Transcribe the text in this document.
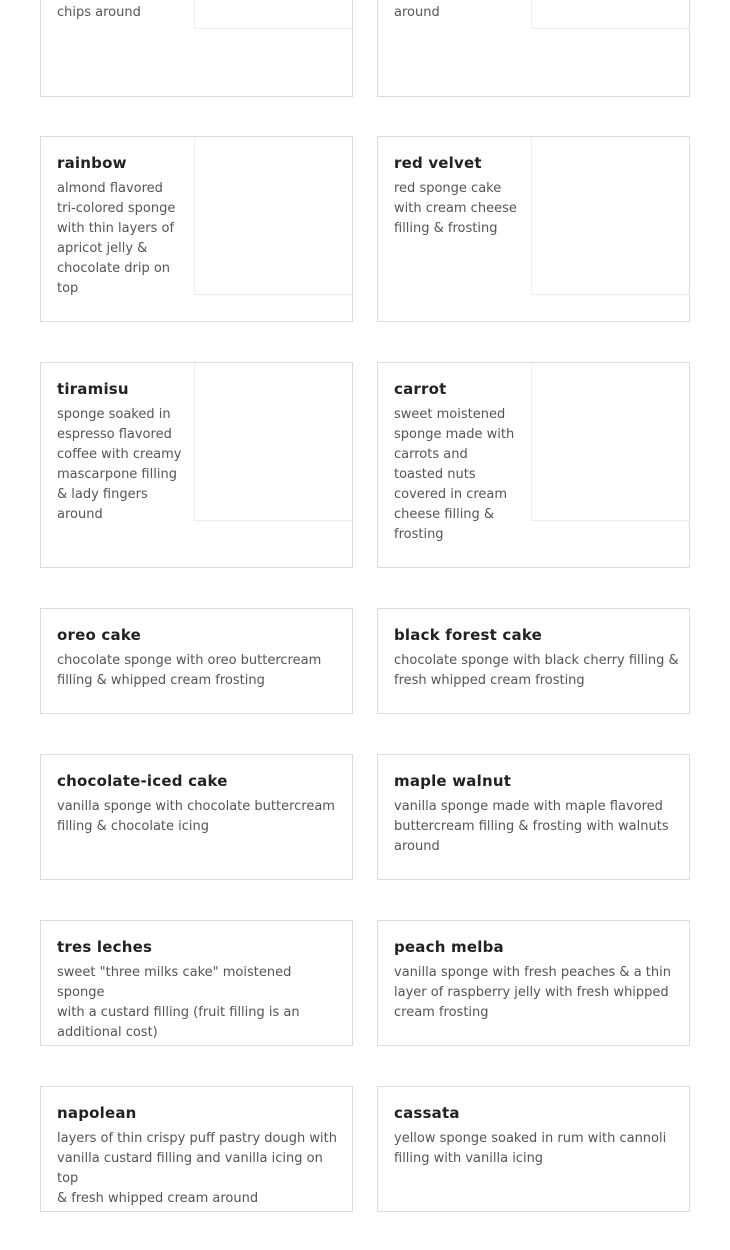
chips around	

around
rainbow
almond flavored
tri-colored sponge
with thin layers of
apricot jelly &
chocolate drip on
top
red velvet
red sponge cake
with cream cheese
filling & frosting
tiramisu
sponge soaked in
espresso flavored
coffee with creamy
mascarpone filling
& lady fingers
around
carrot
sweet moistened
sponge made with
carrots and
toasted nuts
covered in cream
cheese filling &
frosting
oreo cake
chocolate sponge with oreo buttercream
filling & whipped cream frosting
black forest cake
chocolate sponge with black cherry filling &
fresh whipped cream frosting
chocolate-iced cake
vanilla sponge with chocolate buttercream
filling & chocolate icing
maple walnut
vanilla sponge made with maple flavored
buttercream filling & frosting with walnuts
around
tres leches
sweet "three milks cake" moistened sponge
with a custard filling (fruit filling is an
additional cost)
peach melba
vanilla sponge with fresh peaches & a thin
layer of raspberry jelly with fresh whipped
cream frosting
napolean
layers of thin crispy puff pastry dough with
vanilla custard filling and vanilla icing on top
& fresh whipped cream around
cassata
yellow sponge soaked in rum with cannoli
filling with vanilla icing
